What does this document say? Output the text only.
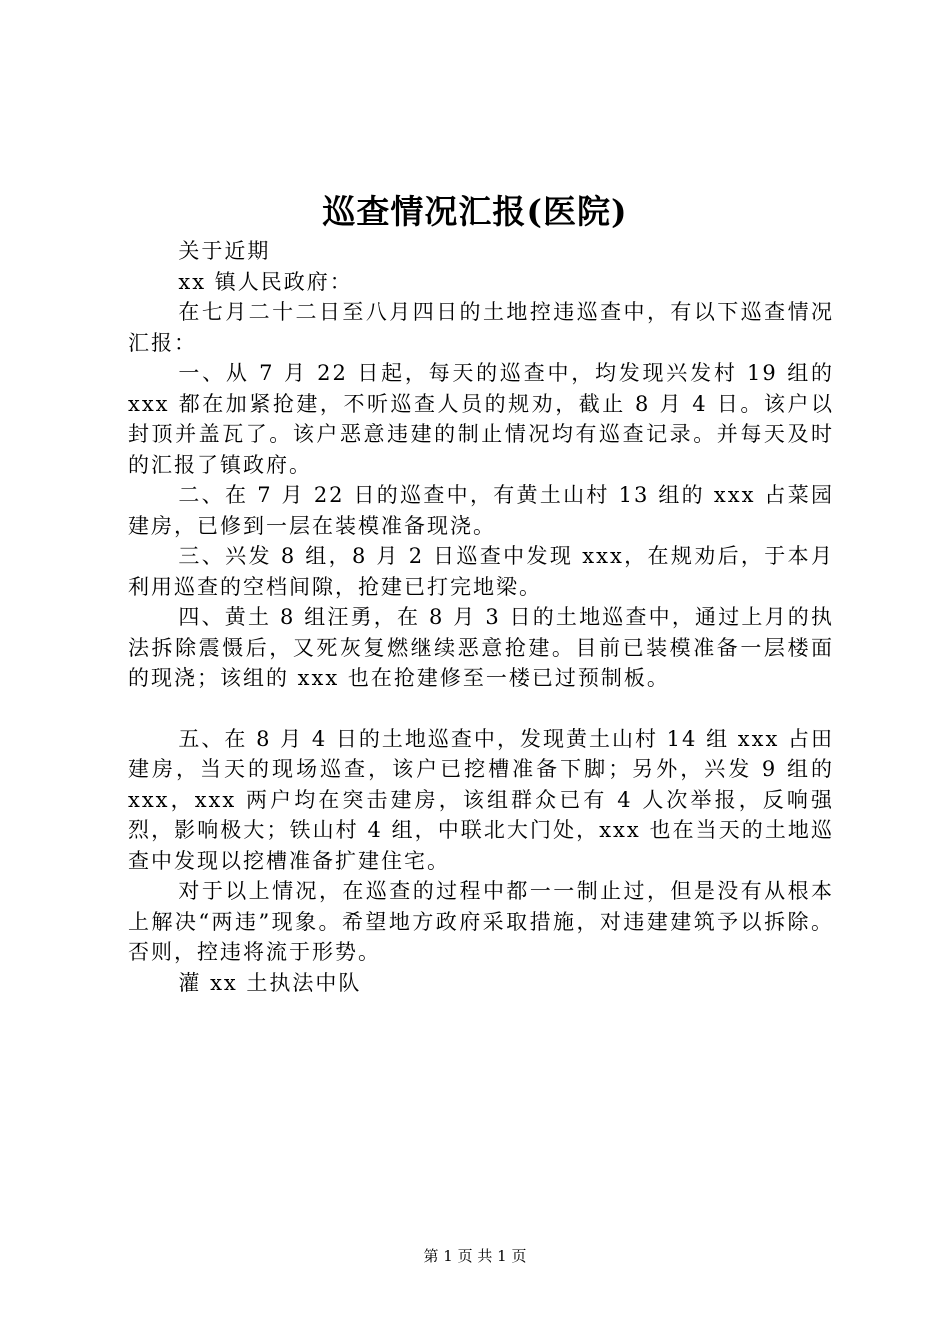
巡查情况汇报(医院)

关于近期

xx 镇人民政府：

在七月二十二日至八月四日的土地控违巡查中，有以下巡查情况汇报：

一、从 7 月 22 日起，每天的巡查中，均发现兴发村 19 组的 xxx 都在加紧抢建，不听巡查人员的规劝，截止 8 月 4 日。该户以封顶并盖瓦了。该户恶意违建的制止情况均有巡查记录。并每天及时的汇报了镇政府。

二、在 7 月 22 日的巡查中，有黄土山村 13 组的 xxx 占菜园建房，已修到一层在装模准备现浇。

三、兴发 8 组，8 月 2 日巡查中发现 xxx，在规劝后，于本月利用巡查的空档间隙，抢建已打完地梁。

四、黄土 8 组汪勇，在 8 月 3 日的土地巡查中，通过上月的执法拆除震慑后，又死灰复燃继续恶意抢建。目前已装模准备一层楼面的现浇；该组的 xxx 也在抢建修至一楼已过预制板。

五、在 8 月 4 日的土地巡查中，发现黄土山村 14 组 xxx 占田建房，当天的现场巡查，该户已挖槽准备下脚；另外，兴发 9 组的 xxx，xxx 两户均在突击建房，该组群众已有 4 人次举报，反响强烈，影响极大；铁山村 4 组，中联北大门处，xxx 也在当天的土地巡查中发现以挖槽准备扩建住宅。

对于以上情况，在巡查的过程中都一一制止过，但是没有从根本上解决“两违”现象。希望地方政府采取措施，对违建建筑予以拆除。否则，控违将流于形势。

灌 xx 土执法中队

第 1 页 共 1 页
